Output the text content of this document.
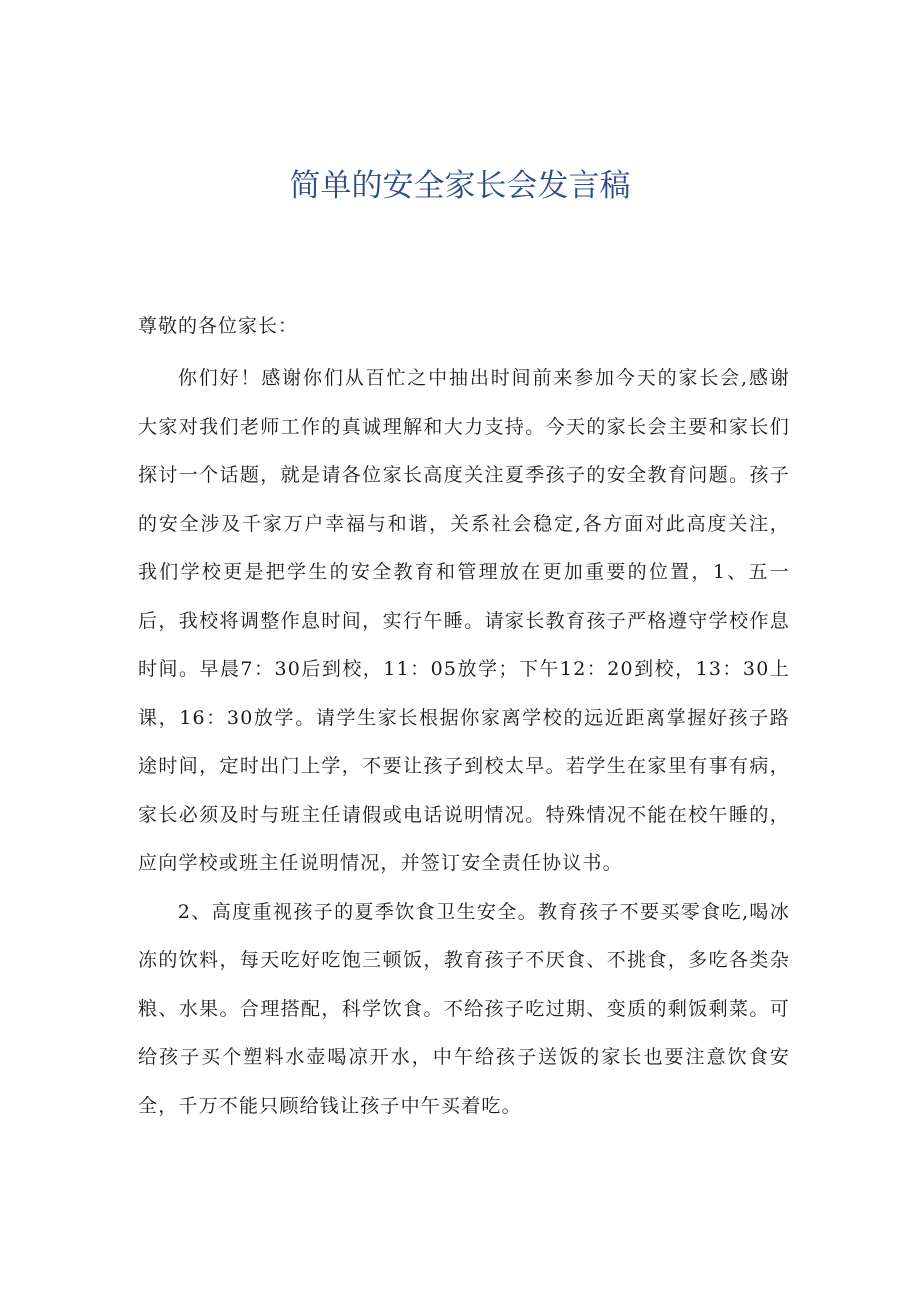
简单的安全家长会发言稿

尊敬的各位家长：

你们好！感谢你们从百忙之中抽出时间前来参加今天的家长会,感谢大家对我们老师工作的真诚理解和大力支持。今天的家长会主要和家长们探讨一个话题，就是请各位家长高度关注夏季孩子的安全教育问题。孩子的安全涉及千家万户幸福与和谐，关系社会稳定,各方面对此高度关注，我们学校更是把学生的安全教育和管理放在更加重要的位置，1、五一后，我校将调整作息时间，实行午睡。请家长教育孩子严格遵守学校作息时间。早晨7：30后到校，11：05放学；下午12：20到校，13：30上课，16：30放学。请学生家长根据你家离学校的远近距离掌握好孩子路途时间，定时出门上学，不要让孩子到校太早。若学生在家里有事有病，家长必须及时与班主任请假或电话说明情况。特殊情况不能在校午睡的，应向学校或班主任说明情况，并签订安全责任协议书。

2、高度重视孩子的夏季饮食卫生安全。教育孩子不要买零食吃,喝冰冻的饮料，每天吃好吃饱三顿饭，教育孩子不厌食、不挑食，多吃各类杂粮、水果。合理搭配，科学饮食。不给孩子吃过期、变质的剩饭剩菜。可给孩子买个塑料水壶喝凉开水，中午给孩子送饭的家长也要注意饮食安全，千万不能只顾给钱让孩子中午买着吃。
